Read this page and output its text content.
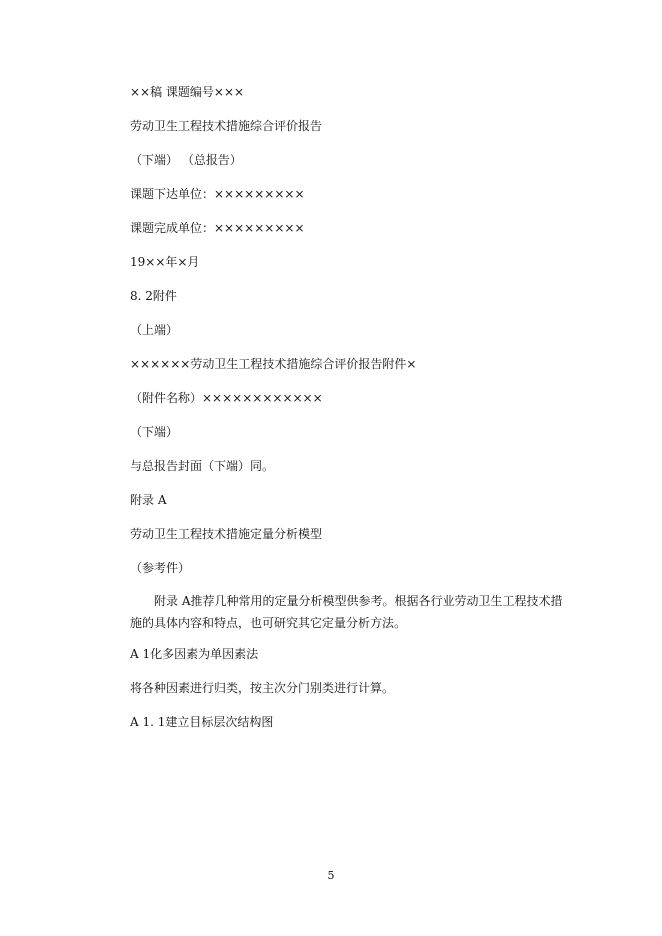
××稿 课题编号×××
劳动卫生工程技术措施综合评价报告
（下端） （总报告）
课题下达单位：×××××××××
课题完成单位：×××××××××
19××年×月
8. 2附件
（上端）
××××××劳动卫生工程技术措施综合评价报告附件×
（附件名称）××××××××××××
（下端）
与总报告封面（下端）同。
附录 A
劳动卫生工程技术措施定量分析模型
（参考件）
附录 A推荐几种常用的定量分析模型供参考。根据各行业劳动卫生工程技术措施的具体内容和特点，也可研究其它定量分析方法。
A 1化多因素为单因素法
将各种因素进行归类，按主次分门别类进行计算。
A 1. 1建立目标层次结构图
5
